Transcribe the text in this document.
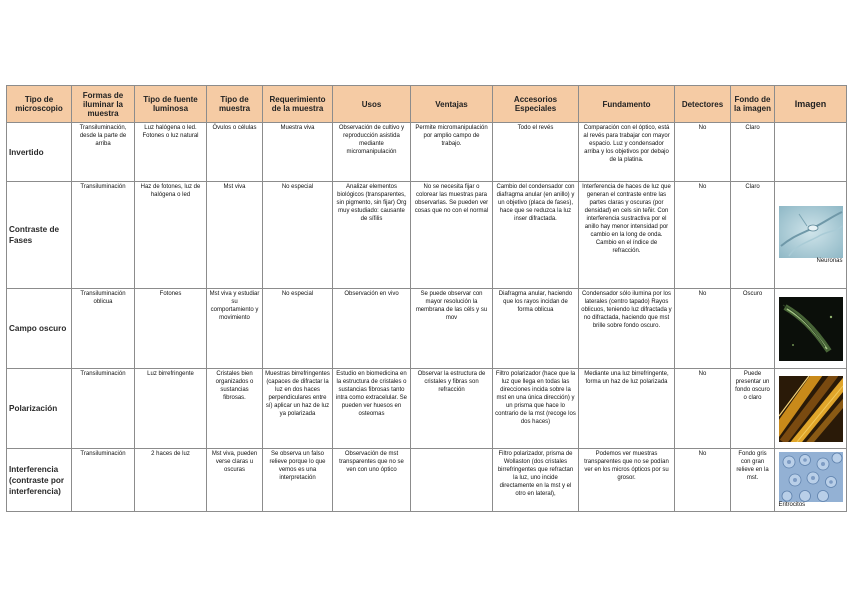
Tipo de microscopio	Formas de iluminar la muestra	Tipo de fuente luminosa	Tipo de muestra	Requerimiento de la muestra	Usos	Ventajas	Accesorios Especiales	Fundamento	Detectores	Fondo de la imagen	Imagen
Invertido	Transiluminación, desde la parte de arriba	Luz halógena o led. Fotones o luz natural	Óvulos o células	Muestra viva	Observación de cultivo y reproducción asistida mediante micromanipulación	Permite micromanipulación por amplio campo de trabajo.	Todo el revés	Comparación con el óptico, está al revés para trabajar con mayor espacio. Luz y condensador arriba y los objetivos por debajo de la platina.	No	Claro	
Contraste de Fases	Transiluminación	Haz de fotones, luz de halógena o led	Mst viva	No especial	Analizar elementos biológicos (transparentes, sin pigmento, sin fijar) Org muy estudiado: causante de sífilis	No se necesita fijar o colorear las muestras para observarlas. Se pueden ver cosas que no con el normal	Cambio del condensador con diafragma anular (en anillo) y un objetivo (placa de fases), hace que se reduzca la luz inser difractada.	Interferencia de haces de luz que generan el contraste entre las partes claras y oscuras (por densidad) en cels sin teñir. Con interferencia sustractiva por el anillo hay menor intensidad por cambio en la long de onda. Cambio en el índice de refracción.	No	Claro	Neuronas

Campo oscuro	Transiluminación oblicua	Fotones	Mst viva y estudiar su comportamiento y movimiento	No especial	Observación en vivo	Se puede observar con mayor resolución la membrana de las céls y su mov	Diafragma anular, haciendo que los rayos incidan de forma oblicua	Condensador sólo ilumina por los laterales (centro tapado) Rayos oblicuos, teniendo luz difractada y no difractada, haciendo que mst brille sobre fondo oscuro.	No	Oscuro	

Polarización	Transiluminación	Luz birrefringente	Cristales bien organizados o sustancias fibrosas.	Muestras birrefringentes (capaces de difractar la luz en dos haces perpendiculares entre sí) aplicar un haz de luz ya polarizada	Estudio en biomedicina en la estructura de cristales o sustancias fibrosas tanto intra como extracelular. Se pueden ver huesos en osteomas	Observar la estructura de cristales y fibras son refracción	Filtro polarizador (hace que la luz que llega en todas las direcciones incida sobre la mst en una única dirección) y un prisma que hace lo contrario de la mst (recoge los dos haces)	Mediante una luz birrefringente, forma un haz de luz polarizada	No	Puede presentar un fondo oscuro o claro	

Interferencia (contraste por interferencia)	Transiluminación	2 haces de luz	Mst viva, pueden verse claras u oscuras	Se observa un falso relieve porque lo que vemos es una interpretación	Observación de mst transparentes que no se ven con uno óptico		Filtro polarizador, prisma de Wollaston (dos cristales birrefringentes que refractan la luz, uno incide directamente en la mst y el otro en lateral),	Podemos ver muestras transparentes que no se podían ver en los micros ópticos por su grosor.	No	Fondo gris con gran relieve en la mst.	Eritrocitos
